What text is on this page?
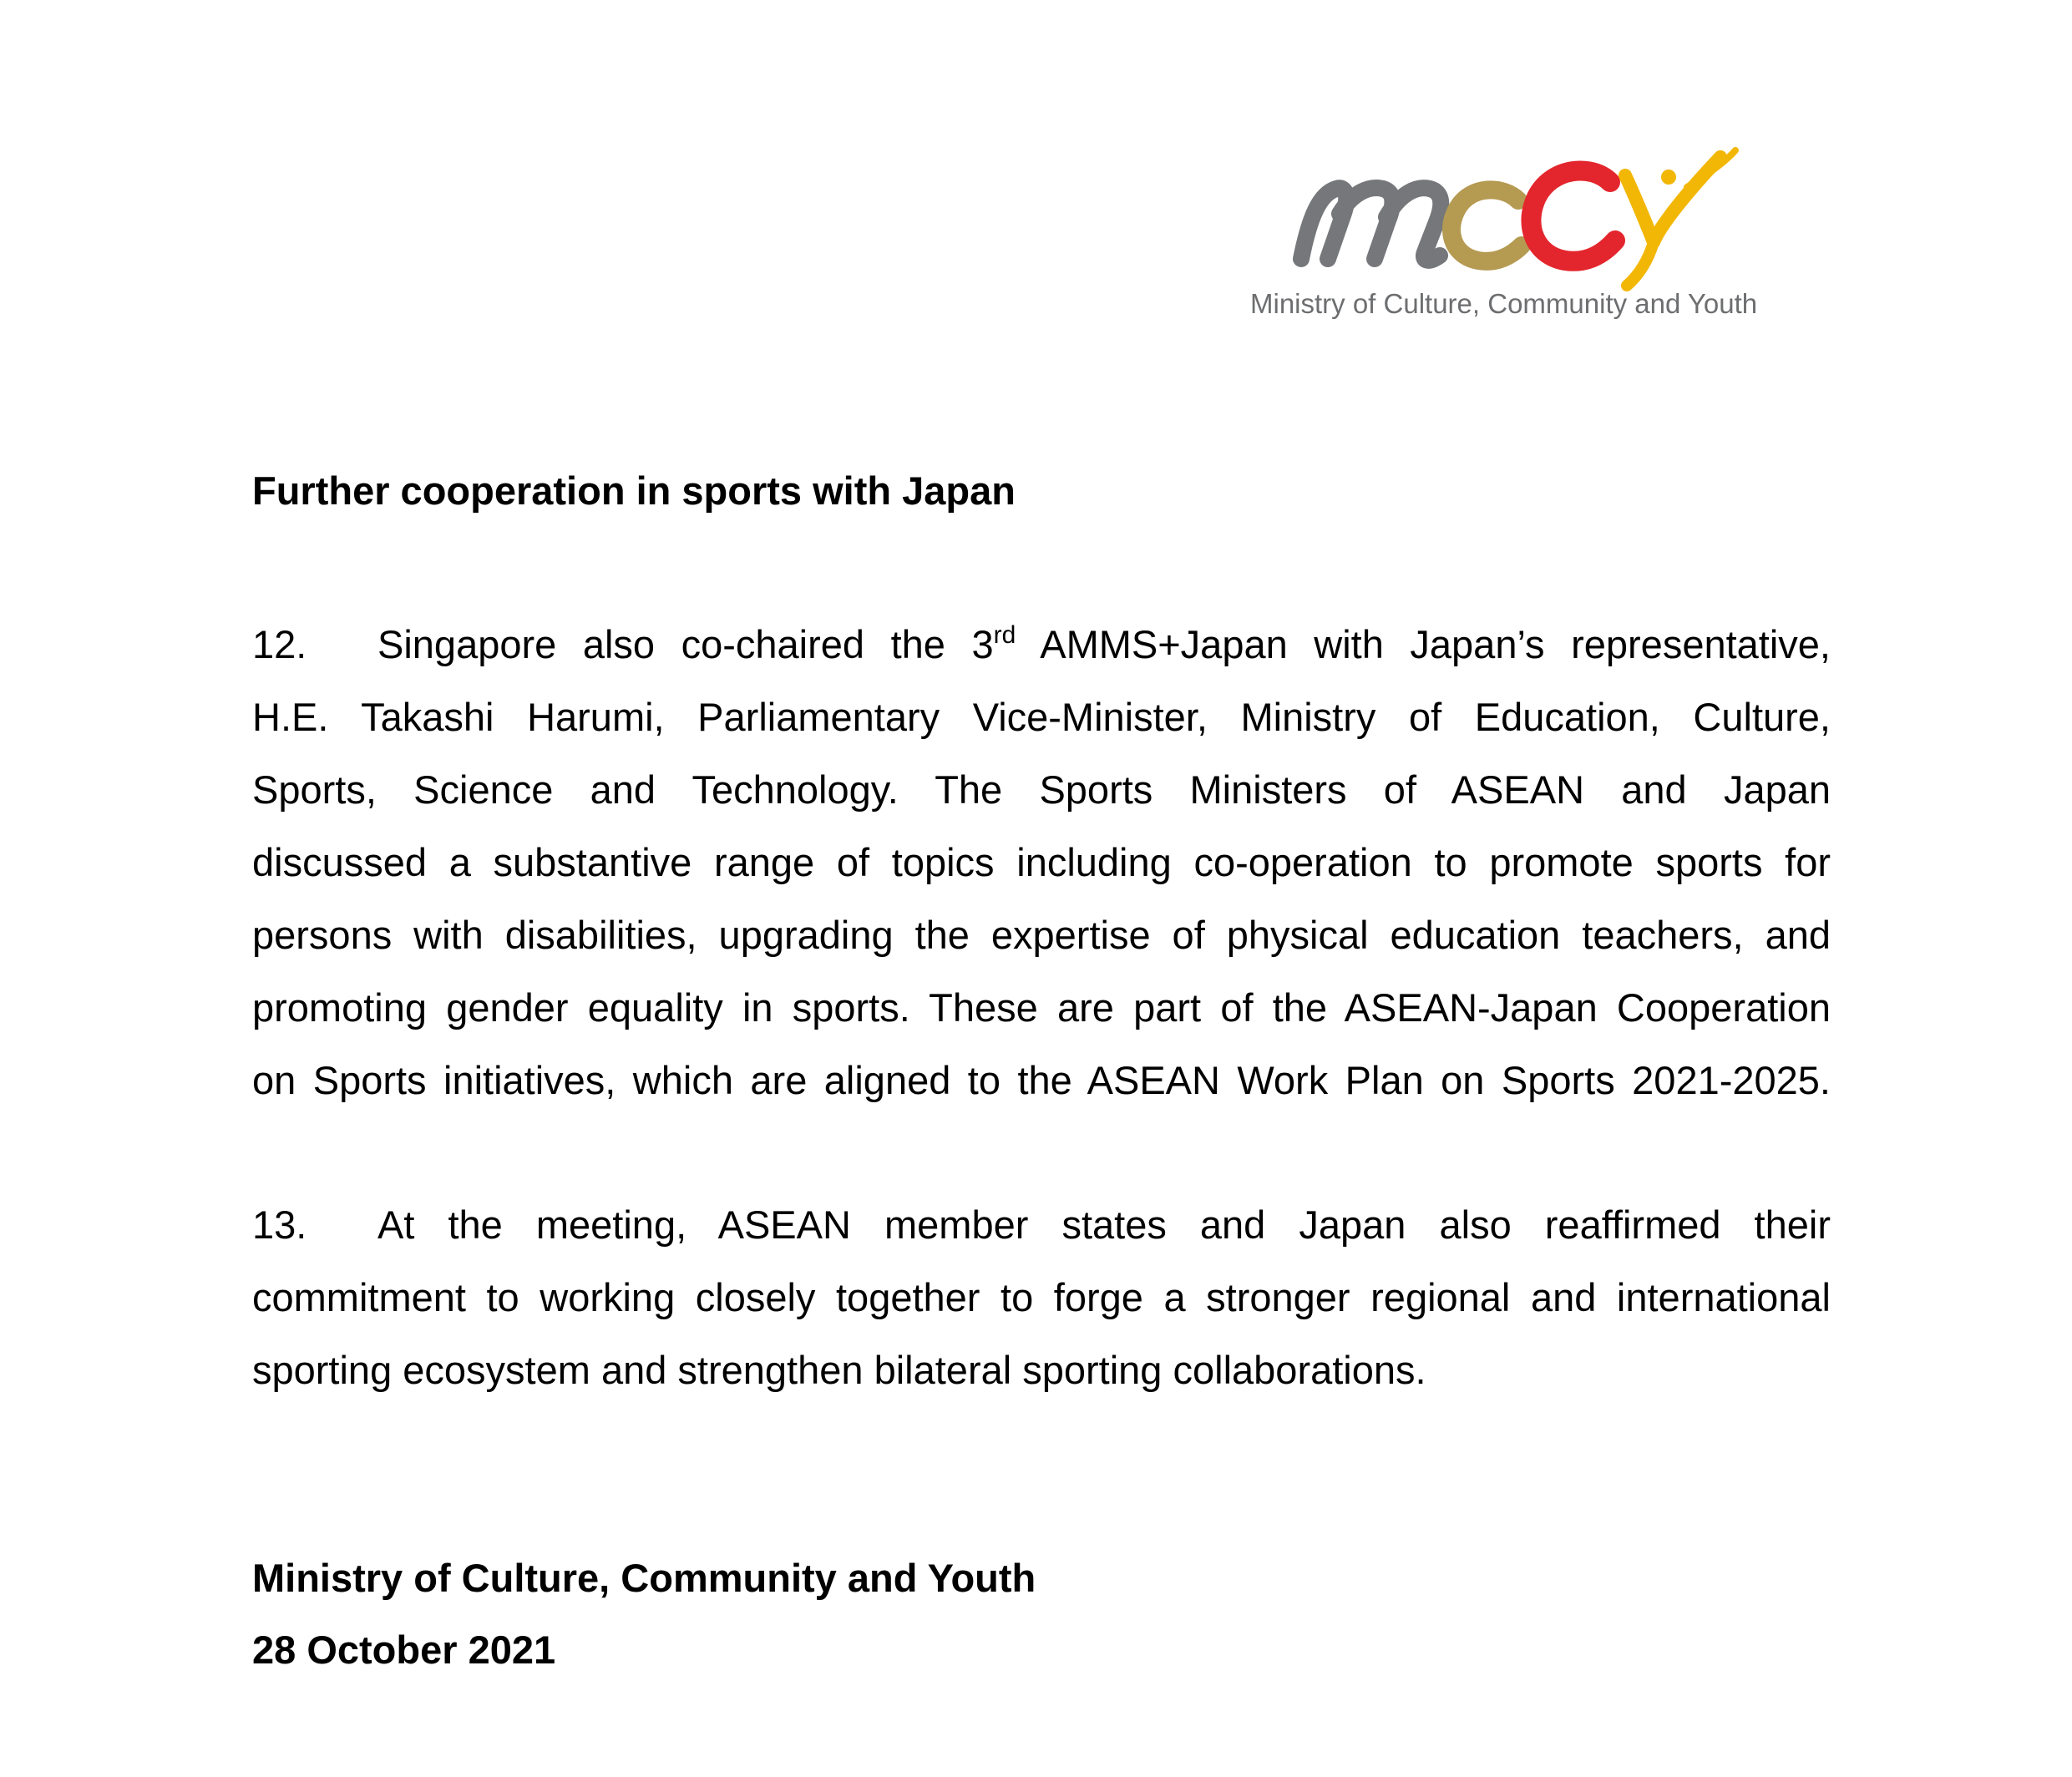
Ministry of Culture, Community and Youth
Further cooperation in sports with Japan
12. Singapore also co-chaired the 3rd AMMS+Japan with Japan’s representative,
H.E. Takashi Harumi, Parliamentary Vice-Minister, Ministry of Education, Culture,
Sports, Science and Technology. The Sports Ministers of ASEAN and Japan
discussed a substantive range of topics including co-operation to promote sports for
persons with disabilities, upgrading the expertise of physical education teachers, and
promoting gender equality in sports. These are part of the ASEAN-Japan Cooperation
on Sports initiatives, which are aligned to the ASEAN Work Plan on Sports 2021-2025.
13. At the meeting, ASEAN member states and Japan also reaffirmed their
commitment to working closely together to forge a stronger regional and international
sporting ecosystem and strengthen bilateral sporting collaborations.
Ministry of Culture, Community and Youth
28 October 2021
